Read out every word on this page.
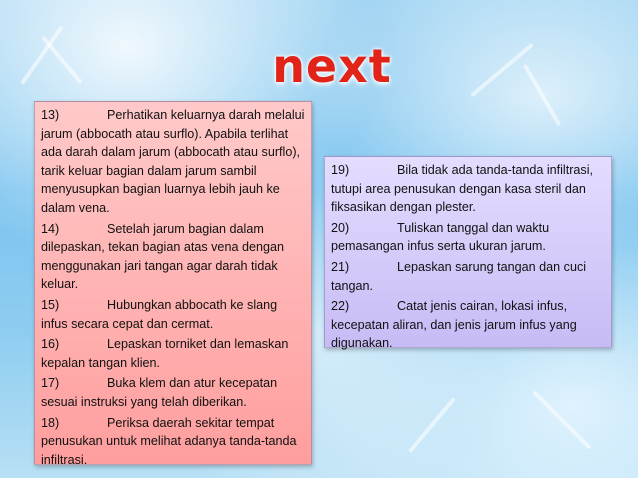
next
13)	Perhatikan keluarnya darah melalui jarum (abbocath atau surflo). Apabila terlihat ada darah dalam jarum (abbocath atau surflo), tarik keluar bagian dalam jarum sambil menyusupkan bagian luarnya lebih jauh ke dalam vena.
14)	Setelah jarum bagian dalam dilepaskan, tekan bagian atas vena dengan menggunakan jari tangan agar darah tidak keluar.
15)	Hubungkan abbocath ke slang infus secara cepat dan cermat.
16)	Lepaskan torniket dan lemaskan kepalan tangan klien.
17)	Buka klem dan atur kecepatan sesuai instruksi yang telah diberikan.
18)	Periksa daerah sekitar tempat penusukan untuk melihat adanya tanda-tanda infiltrasi.
19)	Bila tidak ada tanda-tanda infiltrasi, tutupi area penusukan dengan kasa steril dan fiksasikan dengan plester.
20)	Tuliskan tanggal dan waktu pemasangan infus serta ukuran jarum.
21)	Lepaskan sarung tangan dan cuci tangan.
22)	Catat jenis cairan, lokasi infus, kecepatan aliran, dan jenis jarum infus yang digunakan.
